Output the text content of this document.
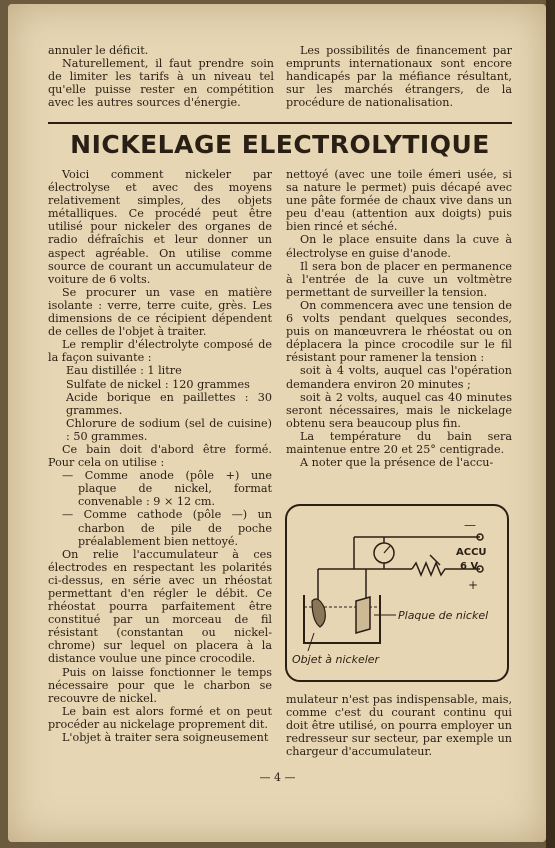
annuler le déficit.

Naturellement, il faut prendre soin de limiter les tarifs à un niveau tel qu'elle puisse rester en compétition avec les autres sources d'énergie.

Les possibilités de financement par emprunts internationaux sont encore handicapés par la méfiance résultant, sur les marchés étrangers, de la procédure de nationalisation.

NICKELAGE ELECTROLYTIQUE

Voici comment nickeler par électrolyse et avec des moyens relativement simples, des objets métalliques. Ce procédé peut être utilisé pour nickeler des organes de radio défraîchis et leur donner un aspect agréable. On utilise comme source de courant un accumulateur de voiture de 6 volts.

Se procurer un vase en matière isolante : verre, terre cuite, grès. Les dimensions de ce récipient dépendent de celles de l'objet à traiter.

Le remplir d'électrolyte composé de la façon suivante :

Eau distillée : 1 litre

Sulfate de nickel : 120 grammes

Acide borique en paillettes : 30 grammes.

Chlorure de sodium (sel de cuisine) : 50 grammes.

Ce bain doit d'abord être formé. Pour cela on utilise :

— Comme anode (pôle +) une plaque de nickel, format convenable : 9 × 12 cm.

— Comme cathode (pôle —) un charbon de pile de poche préalablement bien nettoyé.

On relie l'accumulateur à ces électrodes en respectant les polarités ci-dessus, en série avec un rhéostat permettant d'en régler le débit. Ce rhéostat pourra parfaitement être constitué par un morceau de fil résistant (constantan ou nickel-chrome) sur lequel on placera à la distance voulue une pince crocodile.

Puis on laisse fonctionner le temps nécessaire pour que le charbon se recouvre de nickel.

Le bain est alors formé et on peut procéder au nickelage proprement dit.

L'objet à traiter sera soigneusement

nettoyé (avec une toile émeri usée, si sa nature le permet) puis décapé avec une pâte formée de chaux vive dans un peu d'eau (attention aux doigts) puis bien rincé et séché.

On le place ensuite dans la cuve à électrolyse en guise d'anode.

Il sera bon de placer en permanence à l'entrée de la cuve un voltmètre permettant de surveiller la tension.

On commencera avec une tension de 6 volts pendant quelques secondes, puis on manœuvrera le rhéostat ou on déplacera la pince crocodile sur le fil résistant pour ramener la tension :

soit à 4 volts, auquel cas l'opération demandera environ 20 minutes ;

soit à 2 volts, auquel cas 40 minutes seront nécessaires, mais le nickelage obtenu sera beaucoup plus fin.

La température du bain sera maintenue entre 20 et 25° centigrade.

A noter que la présence de l'accu-

—
+
ACCU
6 V
Plaque de nickel
Objet à nickeler

mulateur n'est pas indispensable, mais, comme c'est du courant continu qui doit être utilisé, on pourra employer un redresseur sur secteur, par exemple un chargeur d'accumulateur.

— 4 —
